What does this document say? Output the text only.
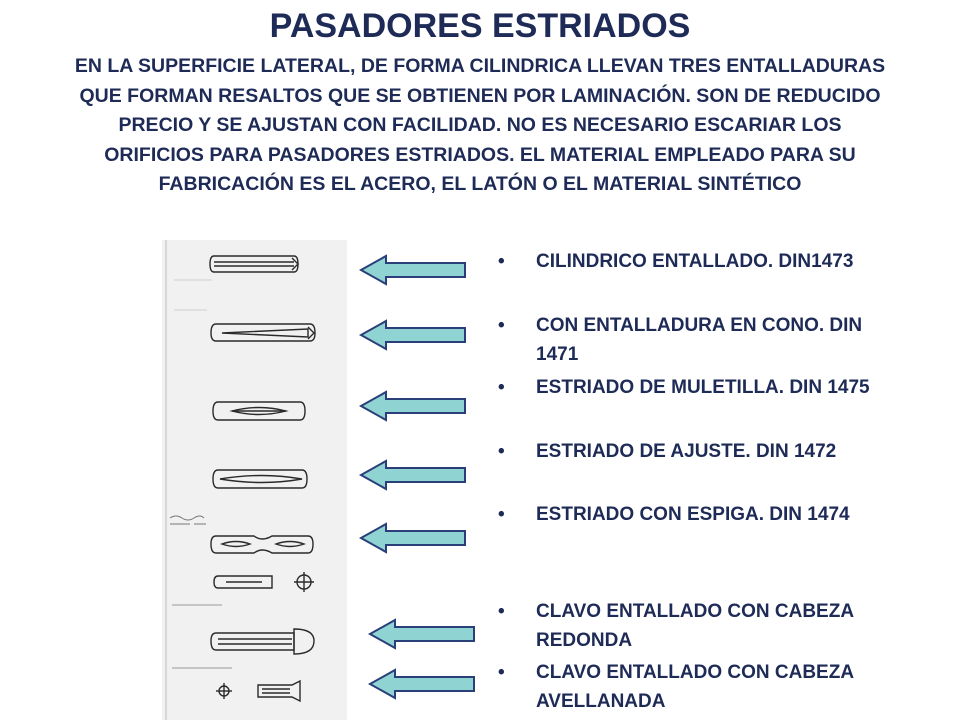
PASADORES ESTRIADOS
EN LA SUPERFICIE LATERAL, DE FORMA CILINDRICA LLEVAN TRES ENTALLADURAS QUE FORMAN RESALTOS QUE SE OBTIENEN POR LAMINACIÓN. SON DE REDUCIDO PRECIO Y SE AJUSTAN CON FACILIDAD. NO ES NECESARIO ESCARIAR LOS ORIFICIOS PARA PASADORES ESTRIADOS. EL MATERIAL EMPLEADO PARA SU FABRICACIÓN ES EL ACERO, EL LATÓN O EL MATERIAL SINTÉTICO
•	CILINDRICO ENTALLADO. DIN1473
•	CON ENTALLADURA EN CONO. DIN 1471
•	ESTRIADO DE MULETILLA. DIN 1475
•	ESTRIADO DE AJUSTE. DIN 1472
•	ESTRIADO CON ESPIGA. DIN 1474
•	CLAVO ENTALLADO CON CABEZA REDONDA
•	CLAVO ENTALLADO CON CABEZA AVELLANADA
